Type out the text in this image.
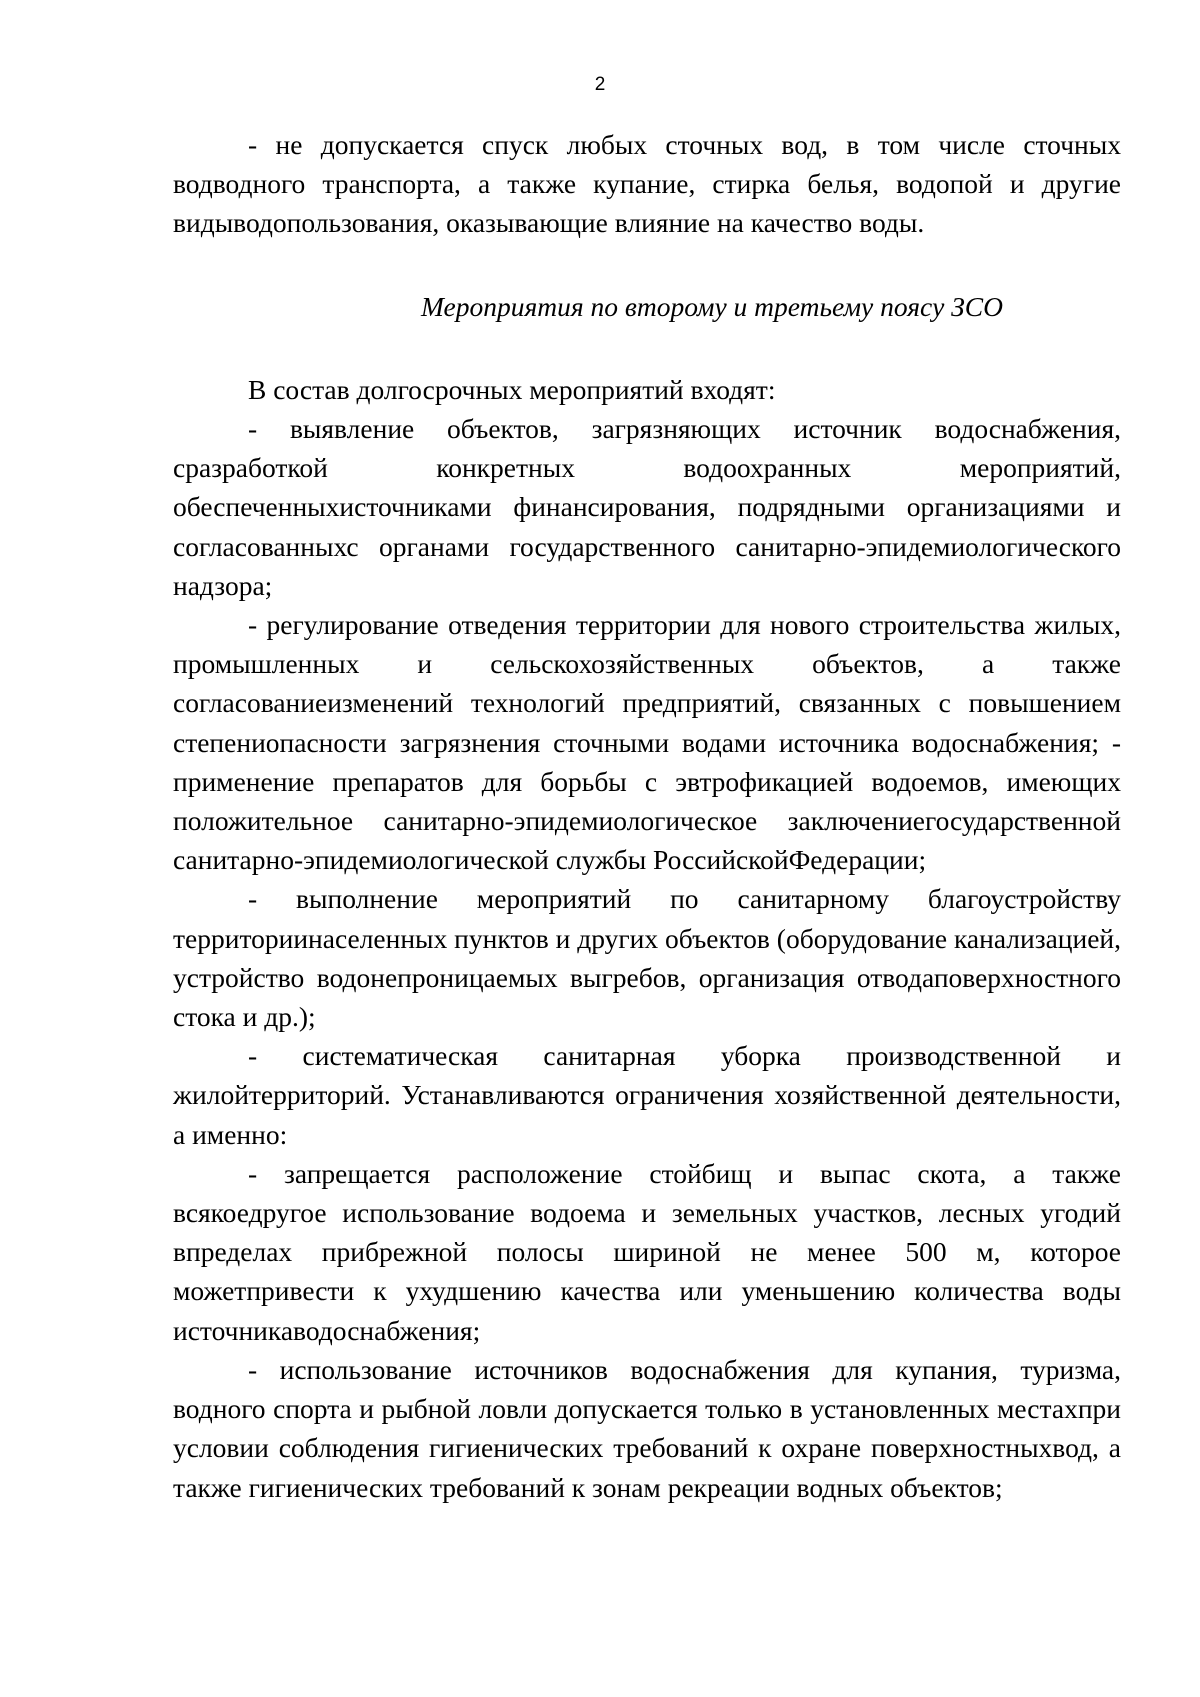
2

- не допускается спуск любых сточных вод, в том числе сточных водводного транспорта, а также купание, стирка белья, водопой и другие видыводопользования, оказывающие влияние на качество воды.

Мероприятия по второму и третьему поясу ЗСО

В состав долгосрочных мероприятий входят:

- выявление объектов, загрязняющих источник водоснабжения, сразработкой конкретных водоохранных мероприятий, обеспеченныхисточниками финансирования, подрядными организациями и согласованныхс органами государственного санитарно-эпидемиологического надзора;

- регулирование отведения территории для нового строительства жилых, промышленных и сельскохозяйственных объектов, а также согласованиеизменений технологий предприятий, связанных с повышением степениопасности загрязнения сточными водами источника водоснабжения; - применение препаратов для борьбы с эвтрофикацией водоемов, имеющих положительное санитарно-эпидемиологическое заключениегосударственной санитарно-эпидемиологической службы РоссийскойФедерации;

- выполнение мероприятий по санитарному благоустройству территориинаселенных пунктов и других объектов (оборудование канализацией, устройство водонепроницаемых выгребов, организация отводаповерхностного стока и др.);

- систематическая санитарная уборка производственной и жилойтерриторий. Устанавливаются ограничения хозяйственной деятельности, а именно:

- запрещается расположение стойбищ и выпас скота, а также всякоедругое использование водоема и земельных участков, лесных угодий впределах прибрежной полосы шириной не менее 500 м, которое можетпривести к ухудшению качества или уменьшению количества воды источникаводоснабжения;

- использование источников водоснабжения для купания, туризма, водного спорта и рыбной ловли допускается только в установленных местахпри условии соблюдения гигиенических требований к охране поверхностныхвод, а также гигиенических требований к зонам рекреации водных объектов;
